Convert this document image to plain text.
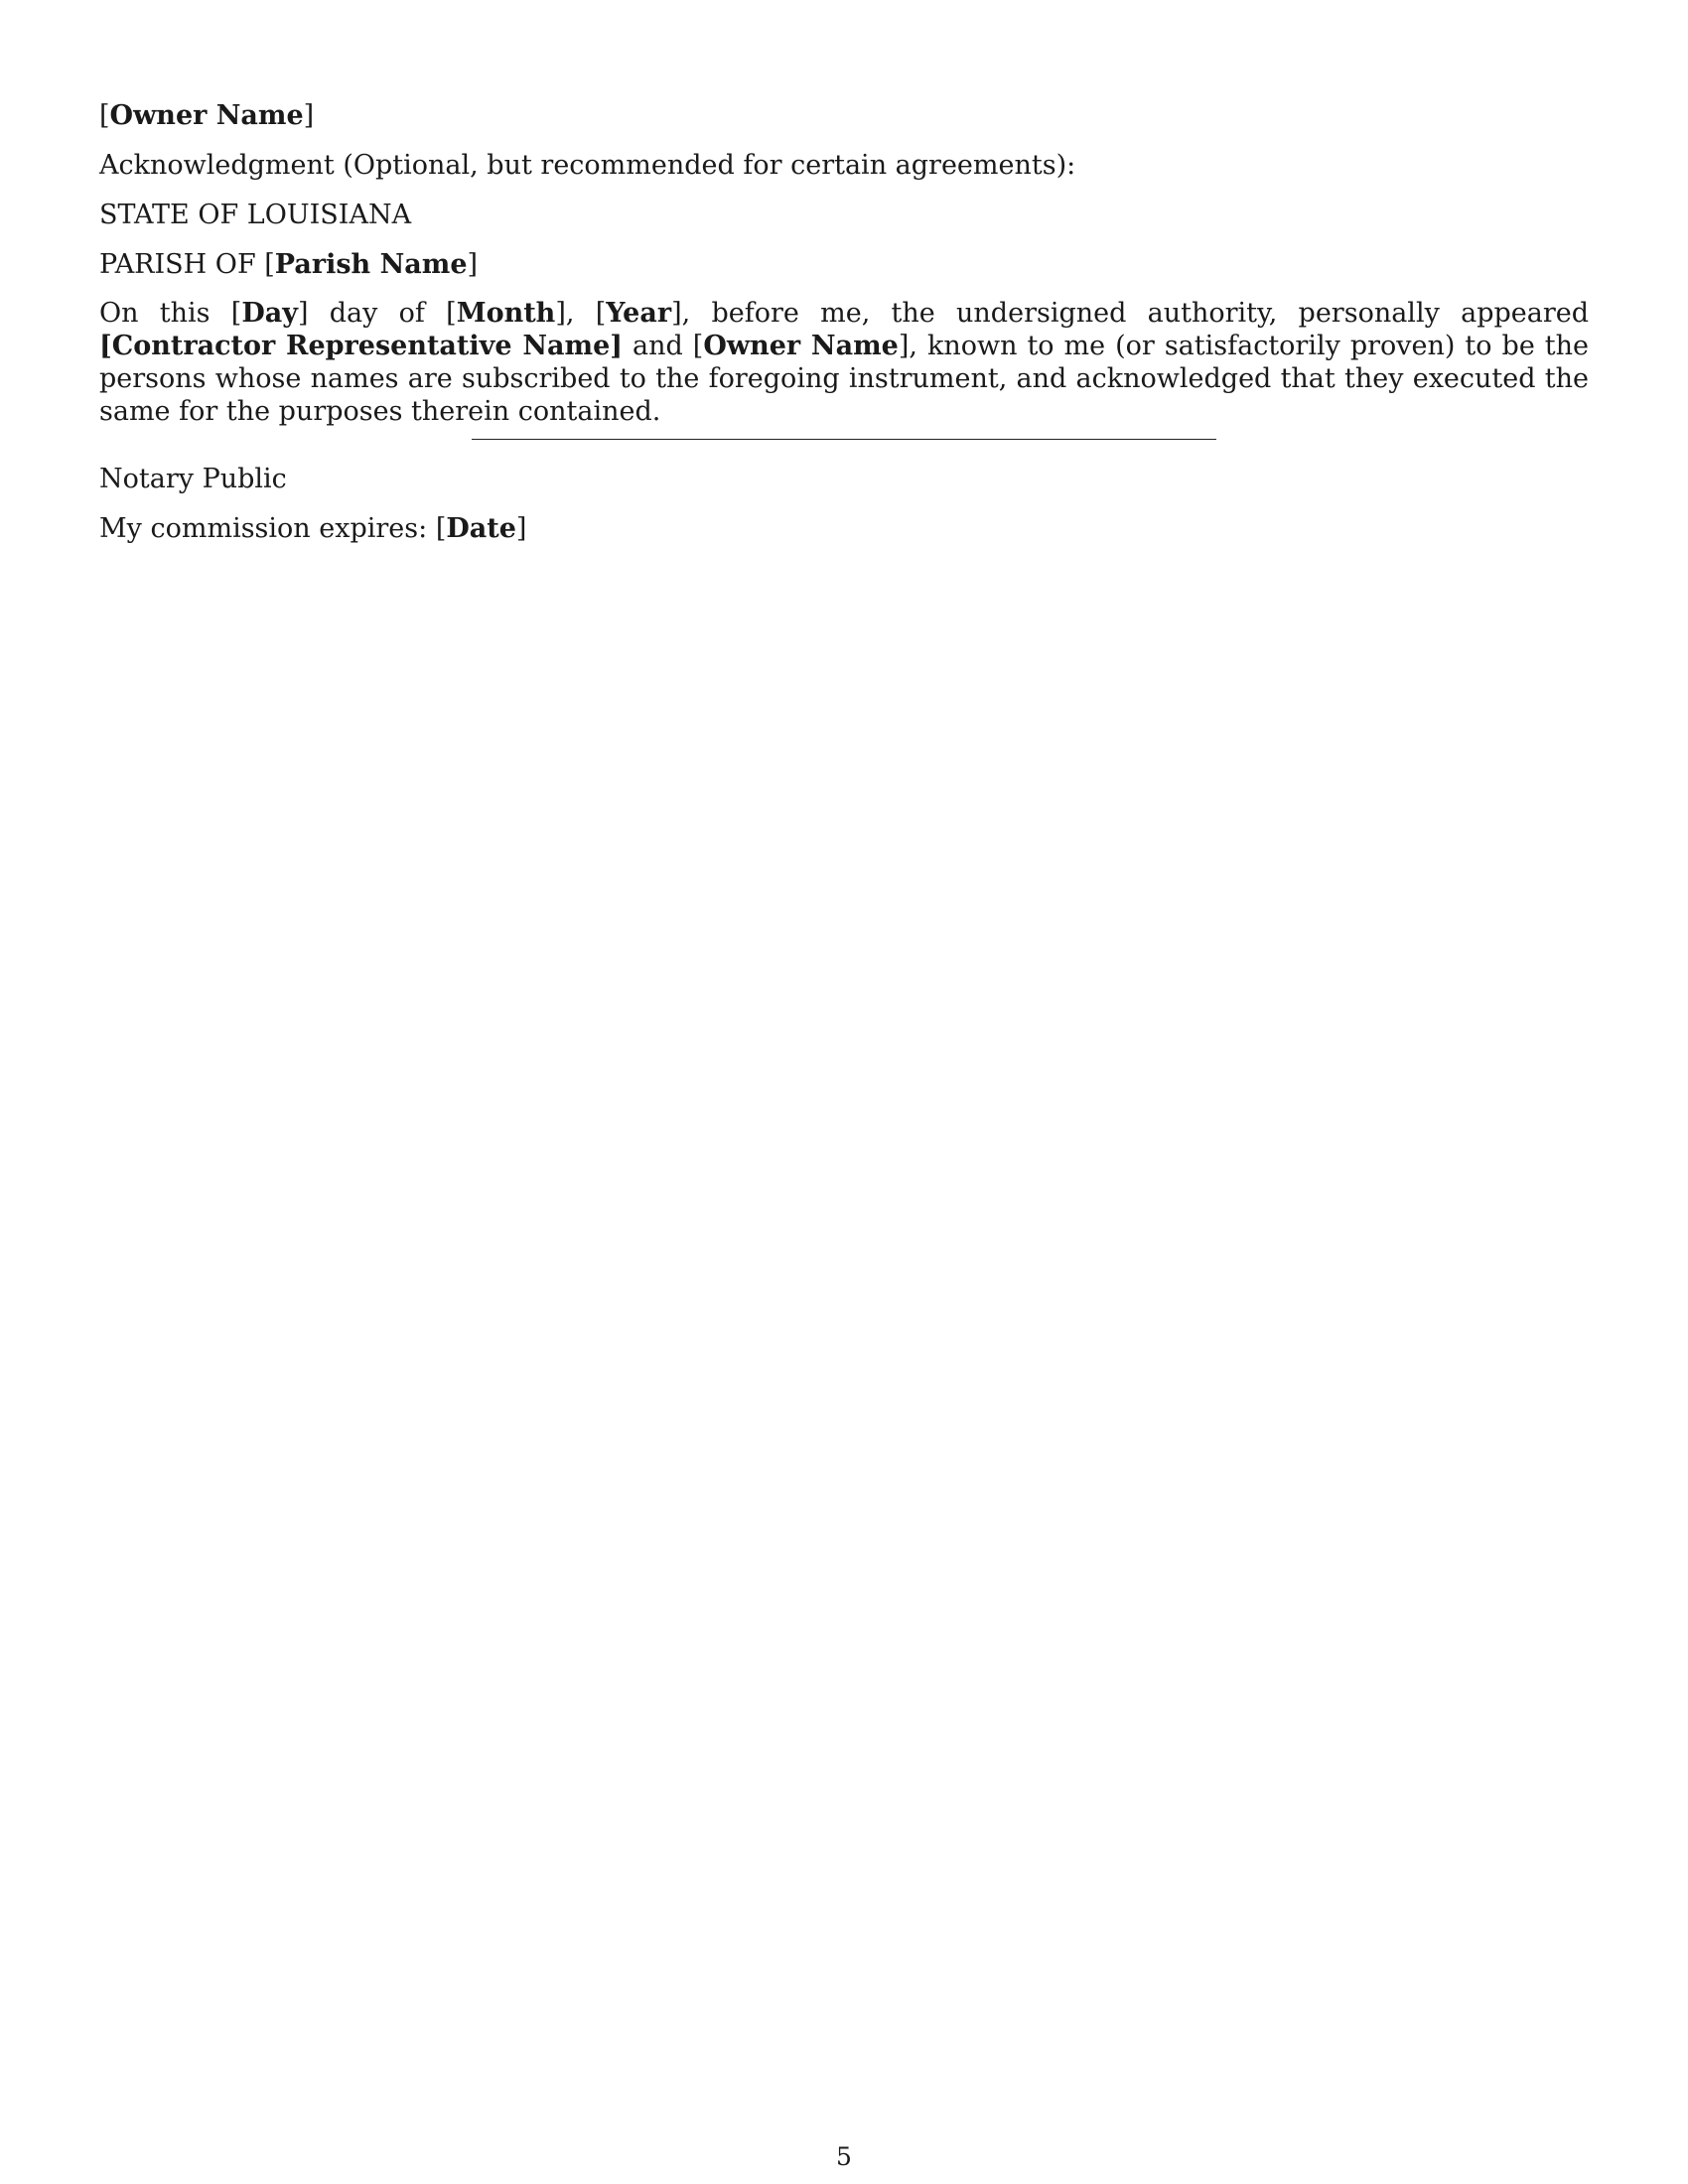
[Owner Name]

Acknowledgment (Optional, but recommended for certain agreements):

STATE OF LOUISIANA

PARISH OF [Parish Name]

On this [Day] day of [Month], [Year], before me, the undersigned authority, personally appeared [Contractor Representative Name] and [Owner Name], known to me (or satisfactorily proven) to be the persons whose names are subscribed to the foregoing instrument, and acknowledged that they executed the same for the purposes therein contained.

Notary Public

My commission expires: [Date]

5
